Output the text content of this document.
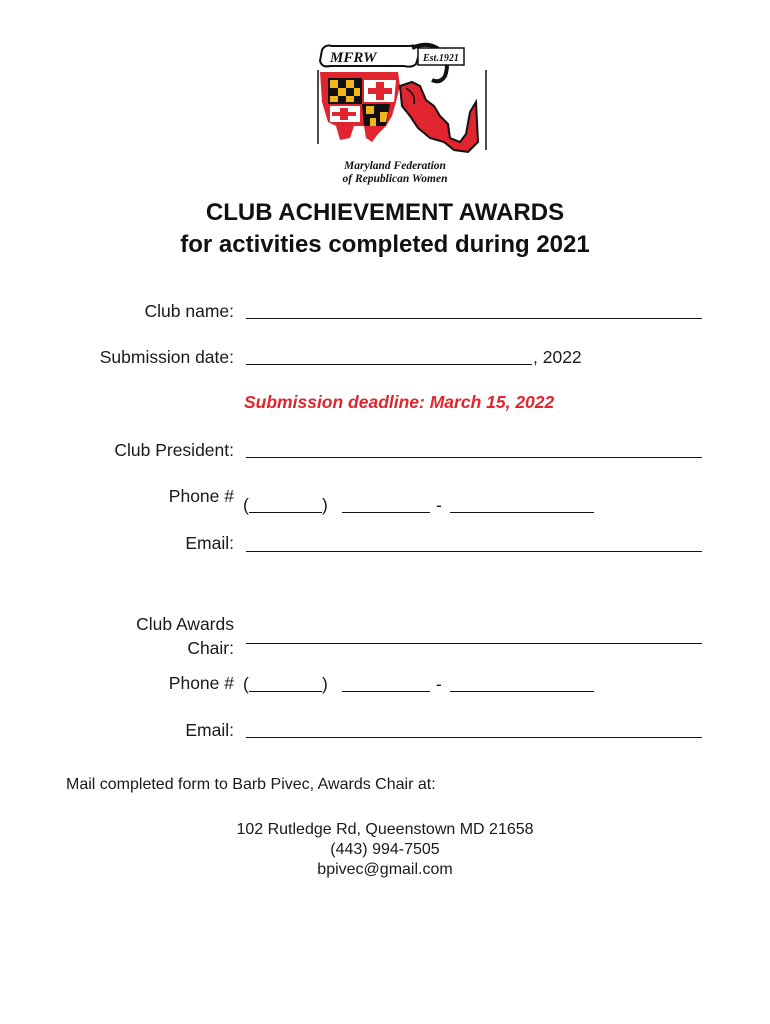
MFRW	Est.1921
Maryland Federation
of Republican Women
CLUB ACHIEVEMENT AWARDS
for activities completed during 2021
Club name:
Submission date:	, 2022
Submission deadline: March 15, 2022
Club President:
Phone # (	)	-
Email:
Club Awards
Chair:
Phone # (	)	-
Email:
Mail completed form to Barb Pivec, Awards Chair at:
102 Rutledge Rd, Queenstown MD 21658
(443) 994-7505
bpivec@gmail.com
